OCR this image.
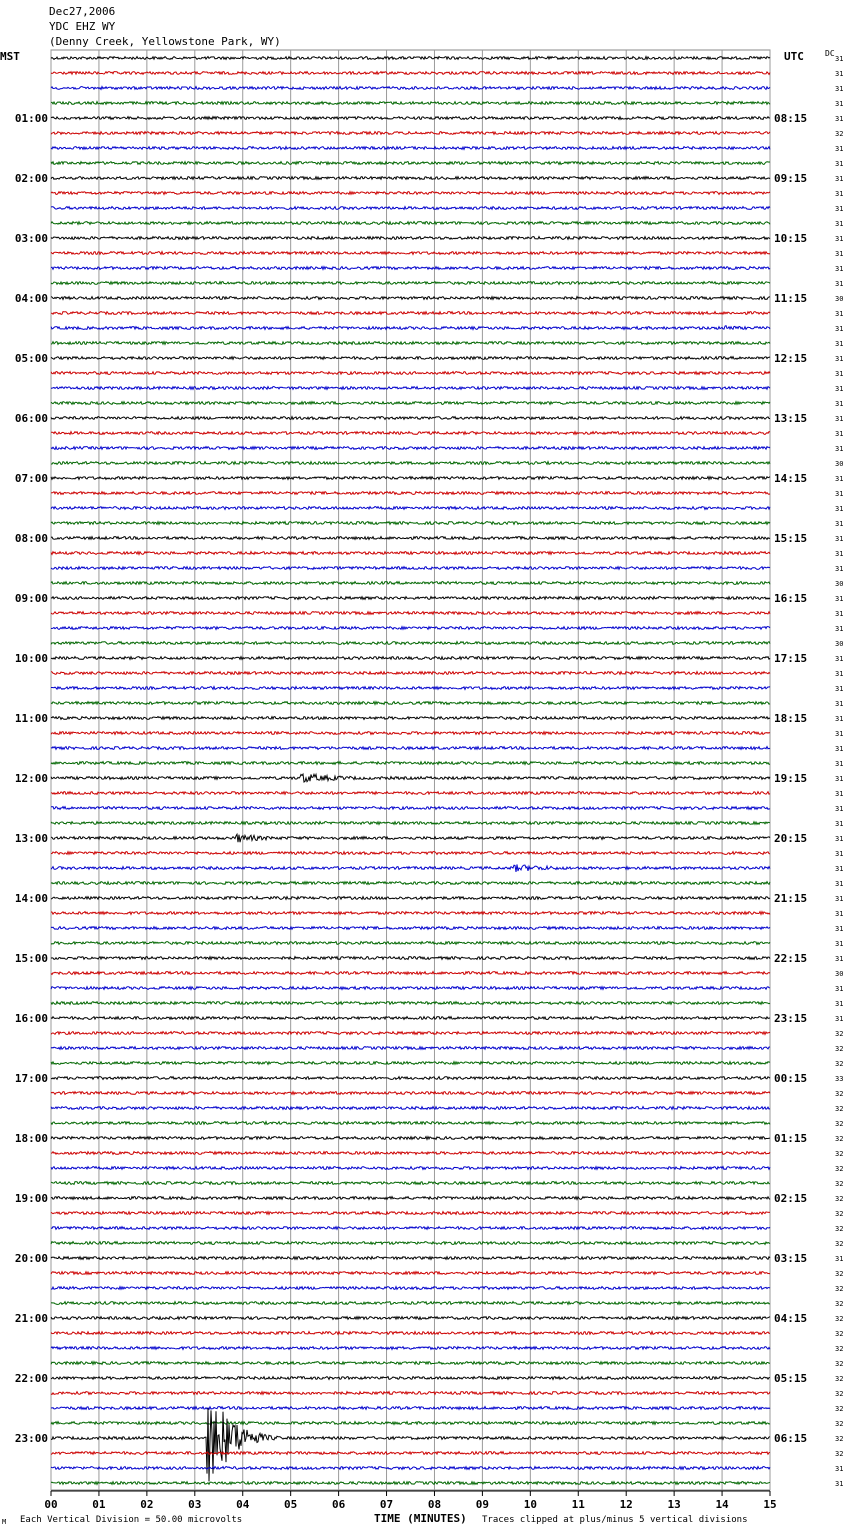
Dec27,2006
YDC EHZ WY
(Denny Creek, Yellowstone Park, WY)
MST	UTC	DC
01:00
02:00
03:00
04:00
05:00
06:00
07:00
08:00
09:00
10:00
11:00
12:00
13:00
14:00
15:00
16:00
17:00
18:00
19:00
20:00
21:00
22:00
23:00
08:15
09:15
10:15
11:15
12:15
13:15
14:15
15:15
16:15
17:15
18:15
19:15
20:15
21:15
22:15
23:15
00:15
01:15
02:15
03:15
04:15
05:15
06:15
31
31
31
31
31
32
31
31
31
31
31
31
31
31
31
31
30
31
31
31
31
31
31
31
31
31
31
30
31
31
31
31
31
31
31
30
31
31
31
30
31
31
31
31
31
31
31
31
31
31
31
31
31
31
31
31
31
31
31
31
31
30
31
31
31
32
32
32
33
32
32
32
32
32
32
32
32
32
32
32
31
32
32
32
32
32
32
32
32
32
32
32
32
32
31
31
00	01	02	03	04	05	06	07	08	09	10	11	12	13	14	15
M Each Vertical Division = 50.00 microvolts	TIME (MINUTES) Traces clipped at plus/minus 5 vertical divisions
